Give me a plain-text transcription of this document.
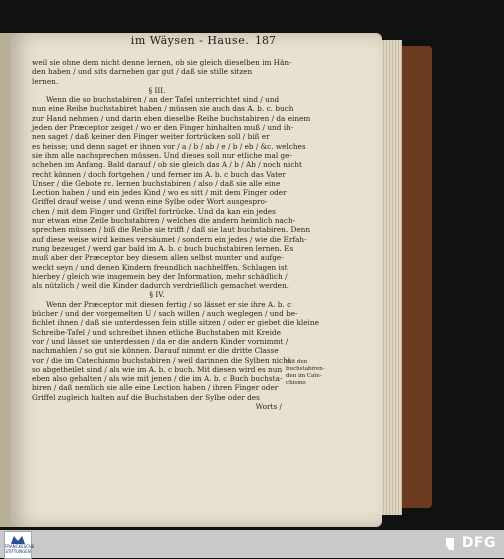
im Wäysen - Hause. 187
weil sie ohne dem nicht denne lernen, ob sie gleich dieselben im Hän-
den haben / und sits darneben gar gut / daß sie stille sitzen
lernen.
§ III.
Wenn die so buchstabiren / an der Tafel unterrichtet sind / und
nun eine Reihe buchstabiret haben / müssen sie auch das A. b. c. buch
zur Hand nehmen / und darin eben dieselbe Reihe buchstabiren / da einem
jeden der Præceptor zeiget / wo er den Finger hinhalten muß / und ih-
nen saget / daß keiner den Finger weiter fortrücken soll / biß er
es heisse; und denn saget er ihnen vor / a / b / ab / e / b / eb / &c. welches
sie ihm alle nachsprechen müssen. Und dieses soll nur etliche mal ge-
schehen im Anfang. Bald darauf / ob sie gleich das A / b / Ab / noch nicht
recht können / doch fortgehen / und ferner im A. b. c buch das Vater
Unser / die Gebote rc. lernen buchstabiren / also / daß sie alle eine
Lection haben / und ein jedes Kind / wo es sitt / mit dem Finger oder
Griffel drauf weise / und wenn eine Sylbe oder Wort ausgespro-
chen / mit dem Finger und Griffel fortrücke. Und da kan ein jedes
nur etwan eine Zeile buchstabiren / welches die andern heimlich nach-
sprechen müssen / biß die Reihe sie trifft / daß sie laut buchstabiren. Denn
auf diese weise wird keines versäumet / sondern ein jedes / wie die Erfah-
rung bezeuget / werd gar bald im A. b. c buch buchstabiren lernen. Es
muß aber der Præceptor bey diesem allen selbst munter und aufge-
weckt seyn / und denen Kindern freundlich nachhelffen. Schlagen ist
hierbey / gleich wie insgemein bey der Information, mehr schädlich /
als nützlich / weil die Kinder dadurch verdrießlich gemachet werden.
§ IV.
Wenn der Præceptor mit diesen fertig / so lässet er sie ihre A. b. c
bücher / und der vorgemelten U / sach willen / auch weglegen / und be-
fichlet ihnen / daß sie unterdessen fein stille sitzen / oder er giebet die kleine
Schreibe-Tafel / und schreibet ihnen etliche Buchstaben mit Kreide
vor / und lässet sie unterdessen / da er die andern Kinder vornimmt /
nachmahlen / so gut sie können. Darauf nimmt er die dritte Classe
vor / die im Catechismo buchstabiren / weil darinnen die Sylben nicht
so abgetheilet sind / als wie im A. b. c buch. Mit diesen wird es nun
eben also gehalten / als wie mit jenen / die im A. b. c Buch buchsta-
biren / daß nemlich sie alle eine Lection haben / ihren Finger oder
Griffel zugleich halten auf die Buchstaben der Sylbe oder des
Worts /
mit den
buchstabiren-
den im Cate-
chismo
FRANCKESCHE
STIFTUNGEN	DFG
